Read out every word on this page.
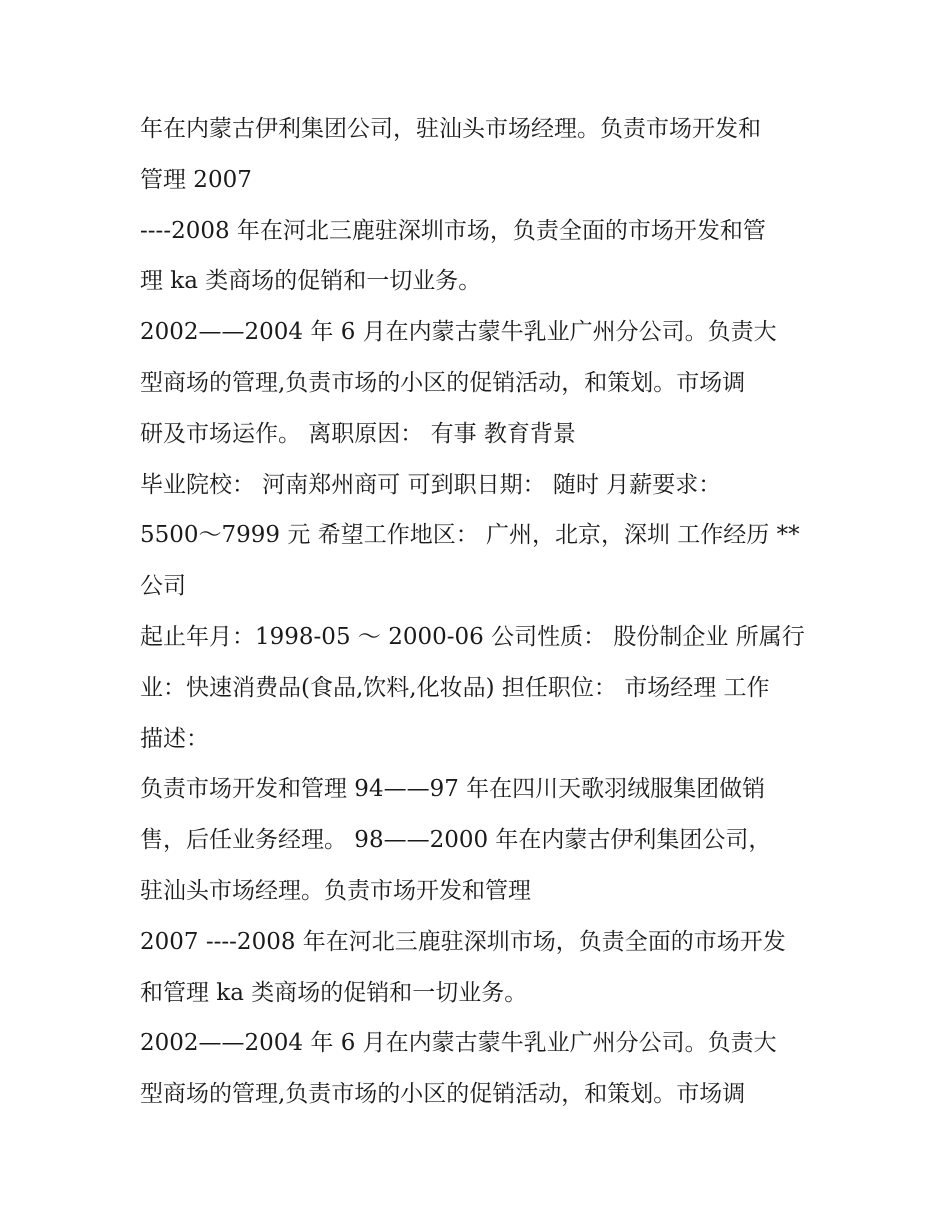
年在内蒙古伊利集团公司，驻汕头市场经理。负责市场开发和
管理 2007
----2008 年在河北三鹿驻深圳市场，负责全面的市场开发和管
理 ka 类商场的促销和一切业务。
2002——2004 年 6 月在内蒙古蒙牛乳业广州分公司。负责大
型商场的管理,负责市场的小区的促销活动，和策划。市场调
研及市场运作。 离职原因： 有事 教育背景
毕业院校： 河南郑州商可 可到职日期： 随时 月薪要求：
5500～7999 元 希望工作地区： 广州，北京，深圳 工作经历 **
公司
起止年月：1998-05 ～ 2000-06 公司性质： 股份制企业 所属行
业：快速消费品(食品,饮料,化妆品) 担任职位： 市场经理 工作
描述：
负责市场开发和管理 94——97 年在四川天歌羽绒服集团做销
售，后任业务经理。 98——2000 年在内蒙古伊利集团公司，
驻汕头市场经理。负责市场开发和管理
2007 ----2008 年在河北三鹿驻深圳市场，负责全面的市场开发
和管理 ka 类商场的促销和一切业务。
2002——2004 年 6 月在内蒙古蒙牛乳业广州分公司。负责大
型商场的管理,负责市场的小区的促销活动，和策划。市场调
